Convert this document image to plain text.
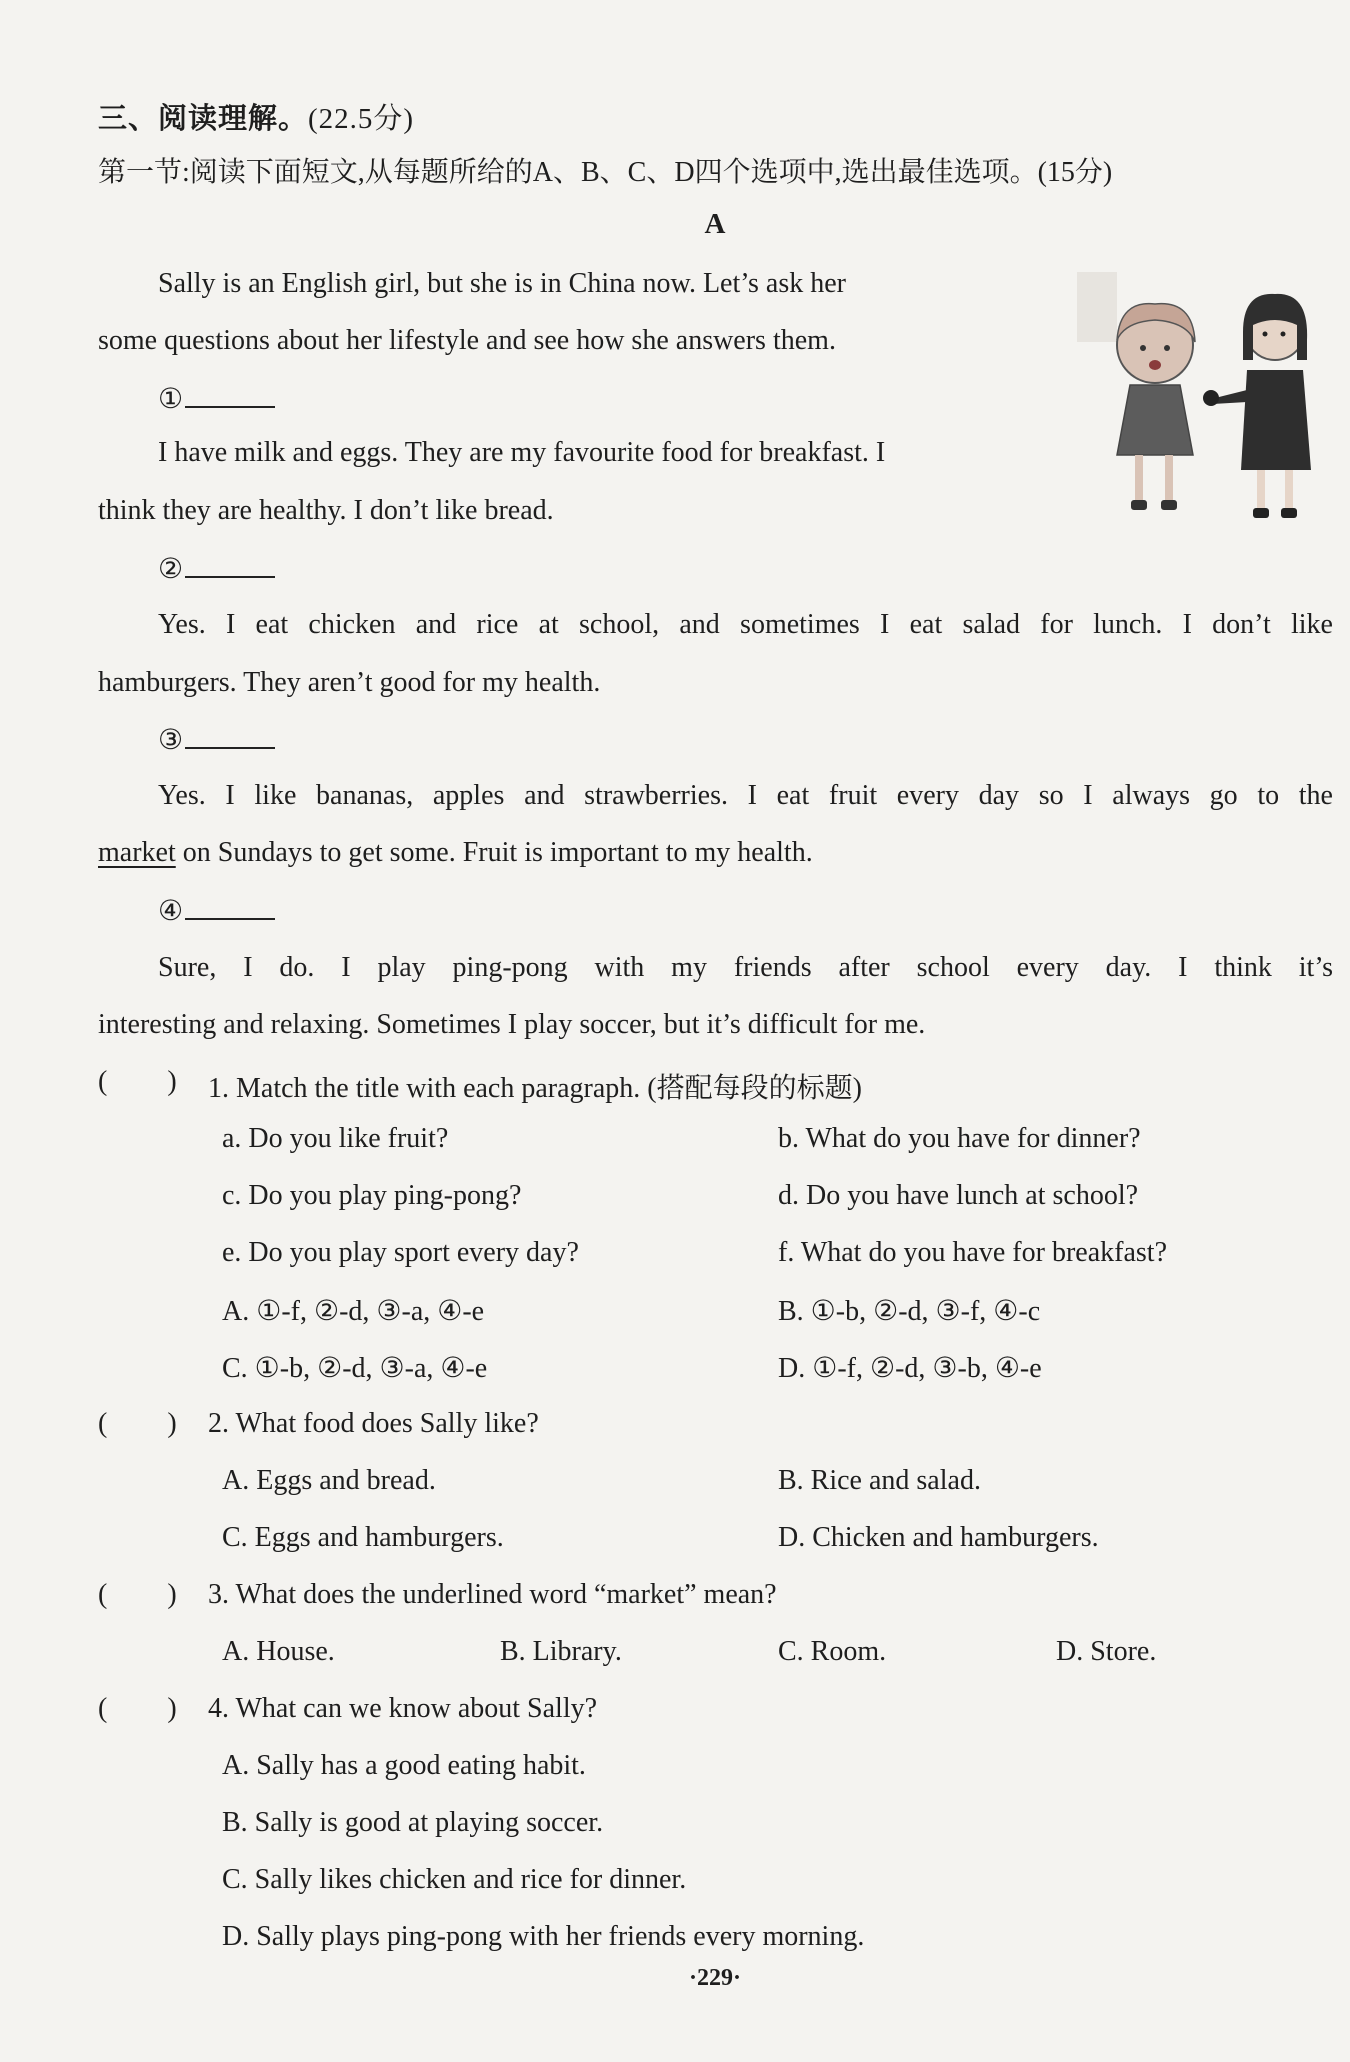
三、阅读理解。(22.5分)
第一节:阅读下面短文,从每题所给的A、B、C、D四个选项中,选出最佳选项。(15分)
A
Sally is an English girl, but she is in China now. Let’s ask her
some questions about her lifestyle and see how she answers them.
①
I have milk and eggs. They are my favourite food for breakfast. I
think they are healthy. I don’t like bread.
②
Yes. I eat chicken and rice at school, and sometimes I eat salad for lunch. I don’t like
hamburgers. They aren’t good for my health.
③
Yes. I like bananas, apples and strawberries. I eat fruit every day so I always go to the
market on Sundays to get some. Fruit is important to my health.
④
Sure, I do. I play ping-pong with my friends after school every day. I think it’s
interesting and relaxing. Sometimes I play soccer, but it’s difficult for me.
( ) 1. Match the title with each paragraph. (搭配每段的标题)
a. Do you like fruit?	b. What do you have for dinner?
c. Do you play ping-pong?	d. Do you have lunch at school?
e. Do you play sport every day?	f. What do you have for breakfast?
A. ①-f, ②-d, ③-a, ④-e	B. ①-b, ②-d, ③-f, ④-c
C. ①-b, ②-d, ③-a, ④-e	D. ①-f, ②-d, ③-b, ④-e
( ) 2. What food does Sally like?
A. Eggs and bread.	B. Rice and salad.
C. Eggs and hamburgers.	D. Chicken and hamburgers.
( ) 3. What does the underlined word “market” mean?
A. House.	B. Library.	C. Room.	D. Store.
( ) 4. What can we know about Sally?
A. Sally has a good eating habit.
B. Sally is good at playing soccer.
C. Sally likes chicken and rice for dinner.
D. Sally plays ping-pong with her friends every morning.
·229·
